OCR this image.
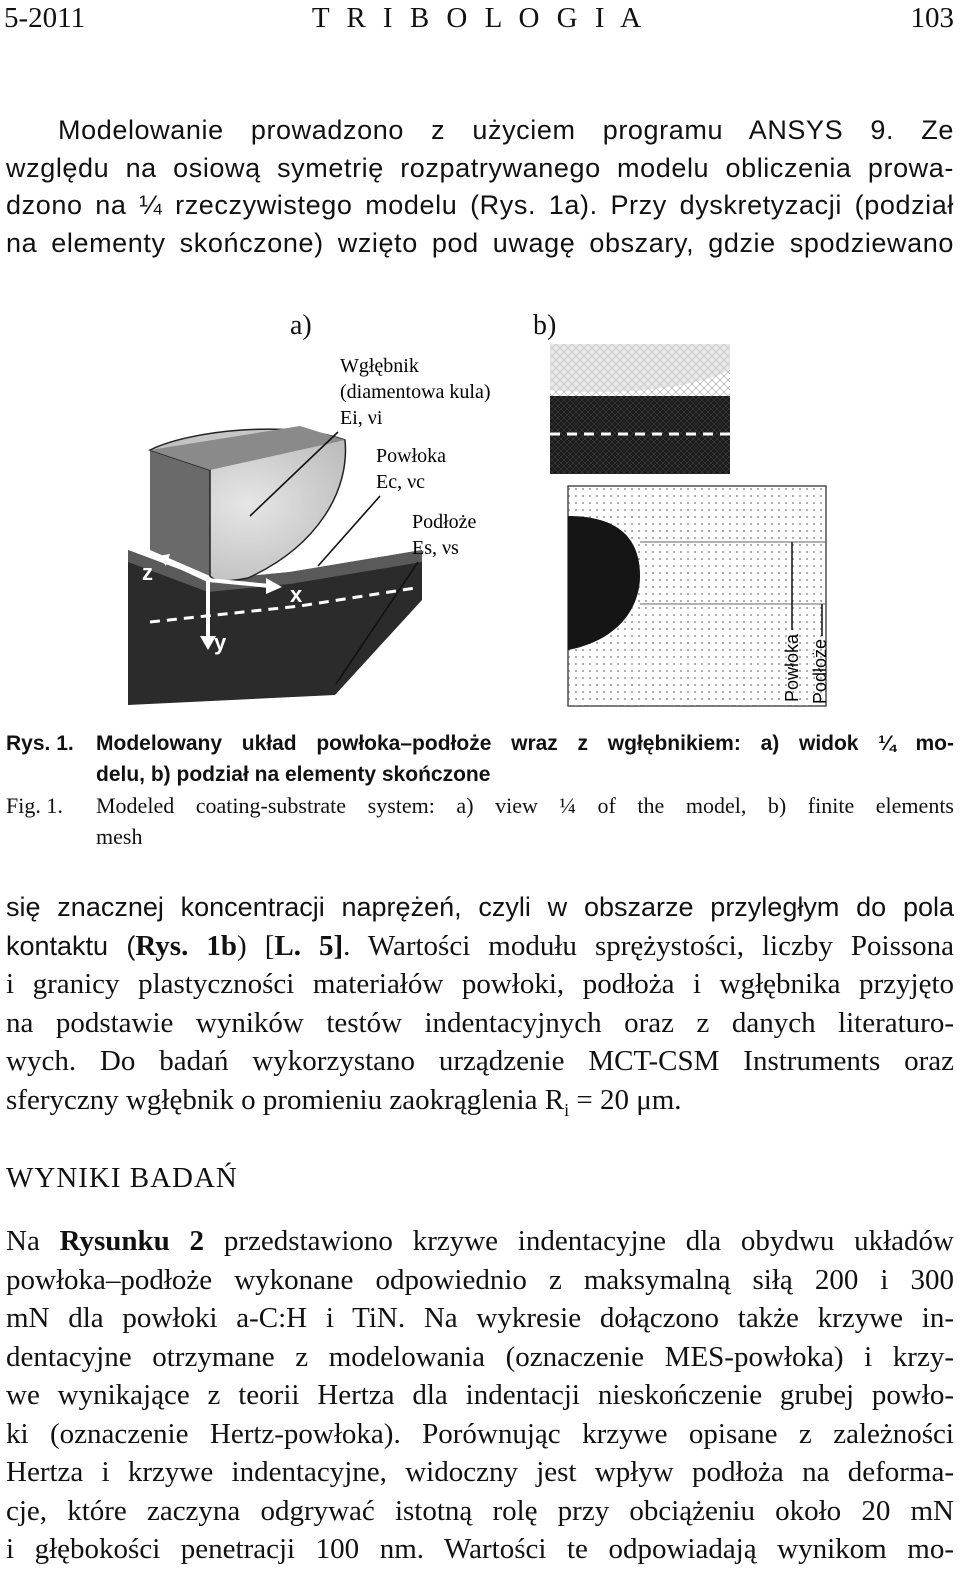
5-2011	T R I B O L O G I A	103
Modelowanie prowadzono z użyciem programu ANSYS 9. Ze
względu na osiową symetrię rozpatrywanego modelu obliczenia prowa-
dzono na ¼ rzeczywistego modelu (Rys. 1a). Przy dyskretyzacji (podział
na elementy skończone) wzięto pod uwagę obszary, gdzie spodziewano
a)	b)
z
x
y
Wgłębnik
(diamentowa kula)
Ei, νi
Powłoka
Ec, νc
Podłoże
Es, νs
Powłoka Podłoże
Rys. 1.	Modelowany układ powłoka–podłoże wraz z wgłębnikiem: a) widok ¼ mo-
delu, b) podział na elementy skończone
Fig. 1.	Modeled coating-substrate system: a) view ¼ of the model, b) finite elements
mesh
się znacznej koncentracji naprężeń, czyli w obszarze przyległym do pola
kontaktu (Rys. 1b) [L. 5]. Wartości modułu sprężystości, liczby Poissona
i granicy plastyczności materiałów powłoki, podłoża i wgłębnika przyjęto
na podstawie wyników testów indentacyjnych oraz z danych literaturo-
wych. Do badań wykorzystano urządzenie MCT-CSM Instruments oraz
sferyczny wgłębnik o promieniu zaokrąglenia $R_i = 20$ μm.
WYNIKI BADAŃ
Na Rysunku 2 przedstawiono krzywe indentacyjne dla obydwu układów
powłoka–podłoże wykonane odpowiednio z maksymalną siłą 200 i 300
mN dla powłoki a-C:H i TiN. Na wykresie dołączono także krzywe in-
dentacyjne otrzymane z modelowania (oznaczenie MES-powłoka) i krzy-
we wynikające z teorii Hertza dla indentacji nieskończenie grubej powło-
ki (oznaczenie Hertz-powłoka). Porównując krzywe opisane z zależności
Hertza i krzywe indentacyjne, widoczny jest wpływ podłoża na deforma-
cje, które zaczyna odgrywać istotną rolę przy obciążeniu około 20 mN
i głębokości penetracji 100 nm. Wartości te odpowiadają wynikom mo-
